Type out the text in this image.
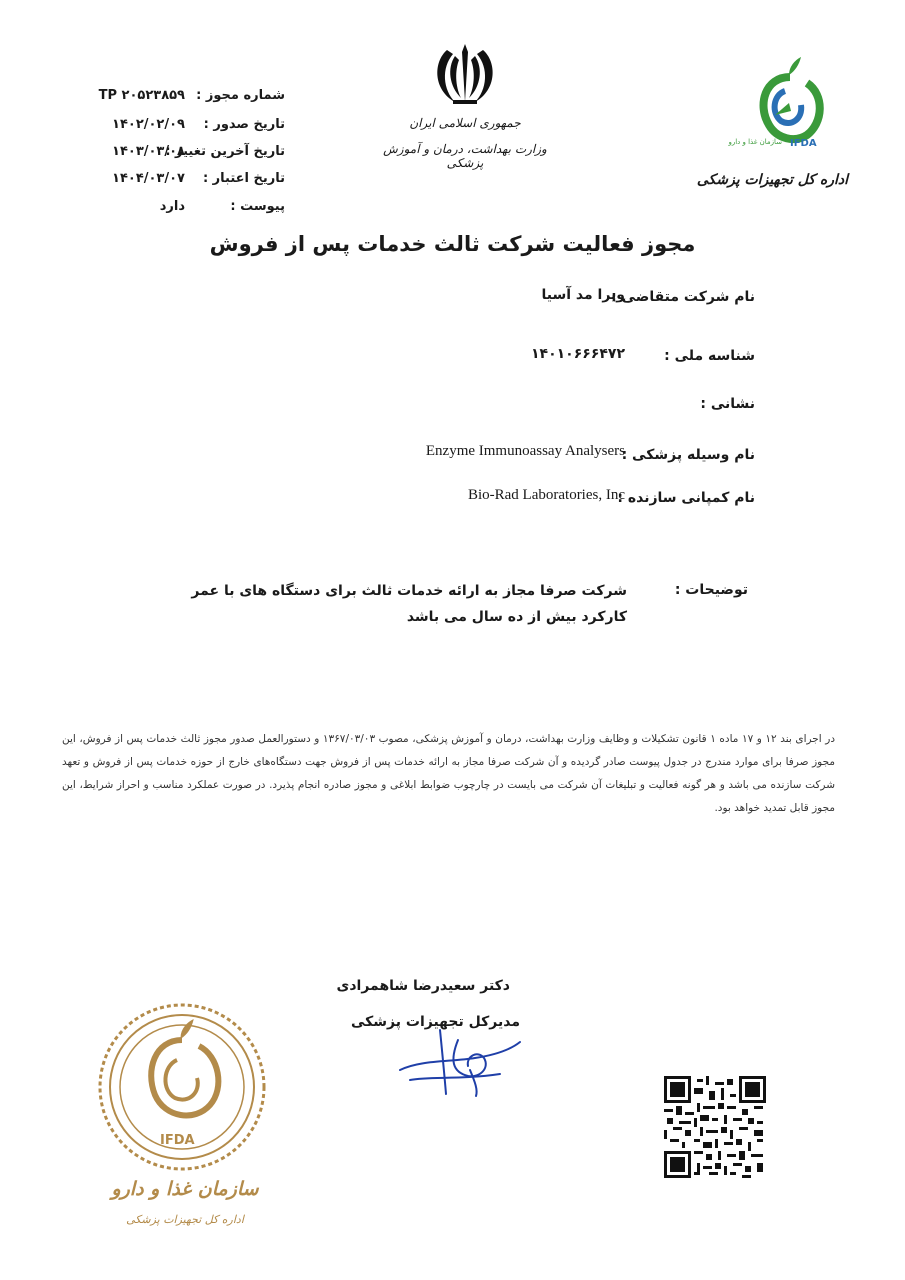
جمهوری اسلامی ایران
وزارت بهداشت، درمان و آموزش پزشکی
IFDA
سازمان غذا و دارو
اداره کل تجهیزات پزشکی
شماره مجوز :
TP ۲۰۵۲۳۸۵۹
تاریخ صدور :
۱۴۰۲/۰۲/۰۹
تاریخ آخرین تغییر :
۱۴۰۳/۰۳/۰۸
تاریخ اعتبار :
۱۴۰۴/۰۳/۰۷
پیوست :
دارد
مجوز فعالیت شرکت ثالث خدمات پس از فروش
نام شرکت متقاضی :
ویرا مد آسیا
شناسه ملی :
۱۴۰۱۰۶۶۶۴۷۲
نشانی :
نام وسیله پزشکی :
Enzyme Immunoassay Analysers
نام کمپانی سازنده :
Bio-Rad Laboratories, Inc
توضیحات :
شرکت صرفا مجاز به ارائه خدمات ثالث برای دستگاه های با عمر کارکرد بیش از ده سال می باشد
در اجرای بند ۱۲ و ۱۷ ماده ۱ قانون تشکیلات و وظایف وزارت بهداشت، درمان و آموزش پزشکی، مصوب ۱۳۶۷/۰۳/۰۳ و دستورالعمل صدور مجوز ثالث خدمات پس از فروش، این مجوز صرفا برای موارد مندرج در جدول پیوست صادر گردیده و آن شرکت صرفا مجاز به ارائه خدمات پس از فروش جهت دستگاه‌های خارج از حوزه خدمات پس از فروش و تعهد شرکت سازنده می باشد و هر گونه فعالیت و تبلیغات آن شرکت می بایست در چارچوب ضوابط ابلاغی و مجوز صادره انجام پذیرد. در صورت عملکرد مناسب و احراز شرایط، این مجوز قابل تمدید خواهد بود.
دکتر سعیدرضا شاهمرادی
مدیرکل تجهیزات پزشکی
IFDA
سازمان غذا و دارو
اداره کل تجهیزات پزشکی
